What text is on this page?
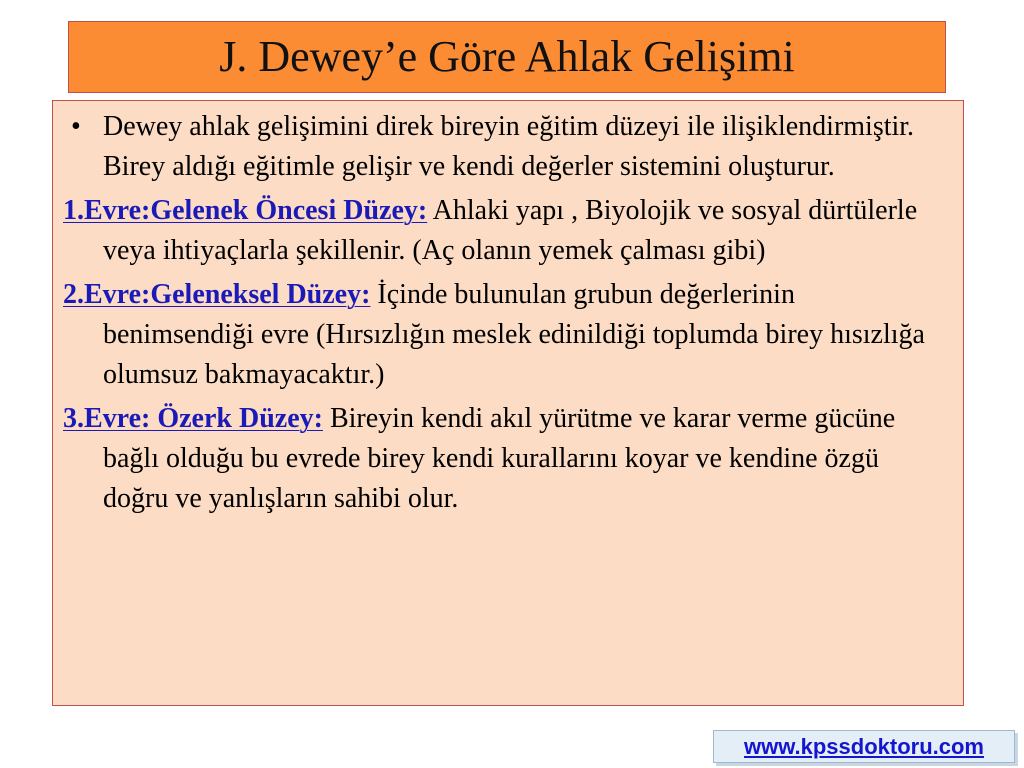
J. Dewey’e Göre Ahlak Gelişimi

• Dewey ahlak gelişimini direk bireyin eğitim düzeyi ile ilişiklendirmiştir. Birey aldığı eğitimle gelişir ve kendi değerler sistemini oluşturur.

1.Evre:Gelenek Öncesi Düzey: Ahlaki yapı , Biyolojik ve sosyal dürtülerle veya ihtiyaçlarla şekillenir. (Aç olanın yemek çalması gibi)

2.Evre:Geleneksel Düzey: İçinde bulunulan grubun değerlerinin benimsendiği evre (Hırsızlığın meslek edinildiği toplumda birey hısızlığa olumsuz bakmayacaktır.)

3.Evre: Özerk Düzey: Bireyin kendi akıl yürütme ve karar verme gücüne bağlı olduğu bu evrede birey kendi kurallarını koyar ve kendine özgü doğru ve yanlışların sahibi olur.

www.kpssdoktoru.com
